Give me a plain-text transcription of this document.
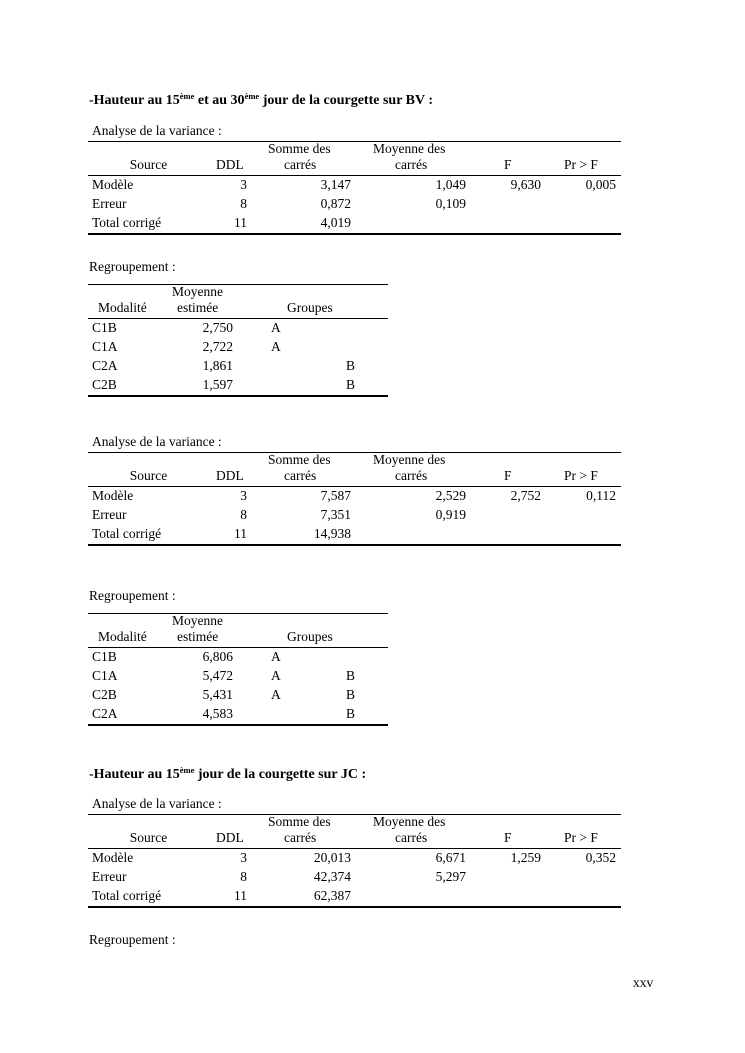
-Hauteur au 15ème et au 30ème jour de la courgette sur BV :
-Hauteur au 15ème jour de la courgette sur JC :
xxv
Analyse de la variance :
Somme des	Moyenne des
Source	DDL	carrés	carrés	F	Pr > F
Modèle	3	3,147	1,049	9,630	0,005
Erreur	8	0,872	0,109
Total corrigé	11	4,019
Regroupement :
Moyenne
Modalité estimée	Groupes
C1B	2,750	A
C1A	2,722	A
C2A	1,861	B
C2B	1,597	B
Analyse de la variance :
Somme des	Moyenne des
Source	DDL	carrés	carrés	F	Pr > F
Modèle	3	7,587	2,529	2,752	0,112
Erreur	8	7,351	0,919
Total corrigé	11	14,938
Regroupement :
Moyenne
Modalité estimée	Groupes
C1B	6,806	A
C1A	5,472	A	B
C2B	5,431	A	B
C2A	4,583	B
Analyse de la variance :
Somme des	Moyenne des
Source	DDL	carrés	carrés	F	Pr > F
Modèle	3	20,013	6,671	1,259	0,352
Erreur	8	42,374	5,297
Total corrigé	11	62,387
Regroupement :
